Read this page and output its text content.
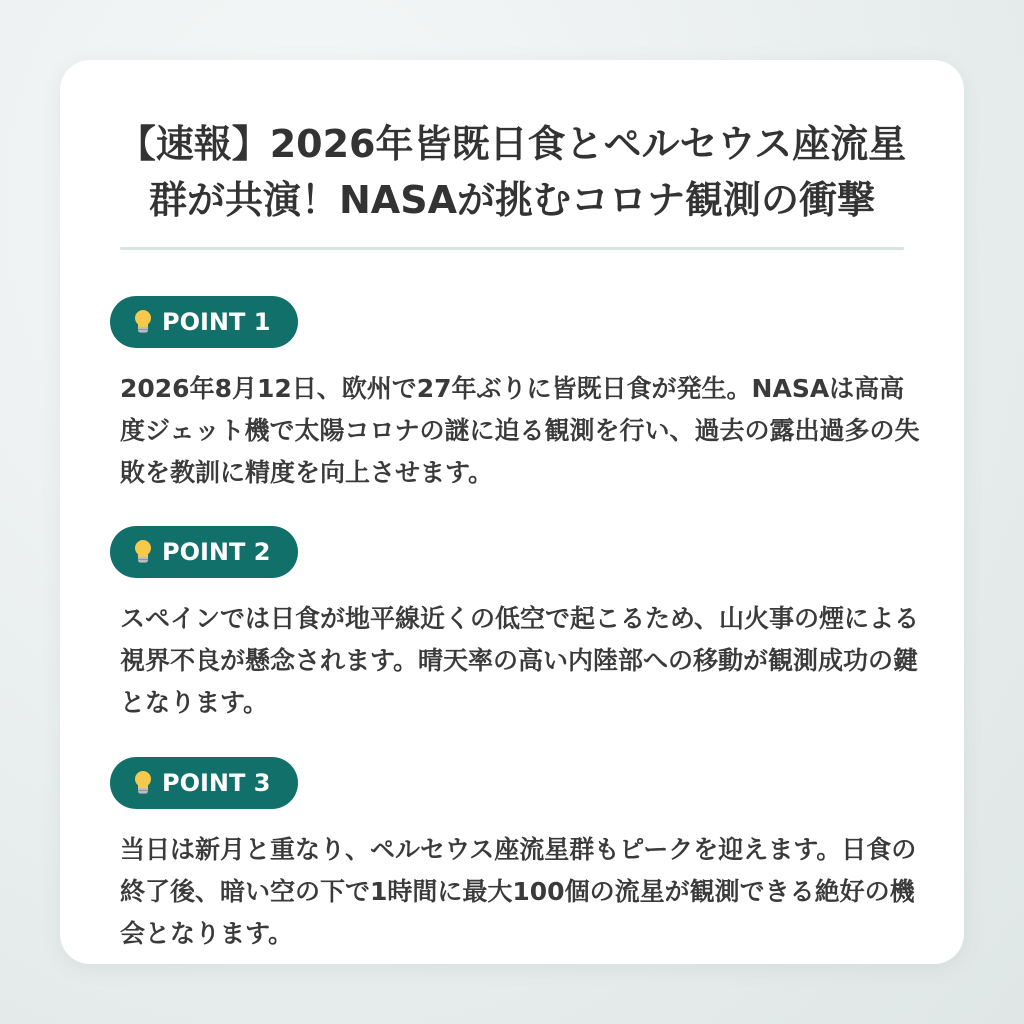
【速報】2026年皆既日食とペルセウス座流星群が共演！NASAが挑むコロナ観測の衝撃
POINT 1

2026年8月12日、欧州で27年ぶりに皆既日食が発生。NASAは高高度ジェット機で太陽コロナの謎に迫る観測を行い、過去の露出過多の失敗を教訓に精度を向上させます。

POINT 2

スペインでは日食が地平線近くの低空で起こるため、山火事の煙による視界不良が懸念されます。晴天率の高い内陸部への移動が観測成功の鍵となります。

POINT 3

当日は新月と重なり、ペルセウス座流星群もピークを迎えます。日食の終了後、暗い空の下で1時間に最大100個の流星が観測できる絶好の機会となります。
